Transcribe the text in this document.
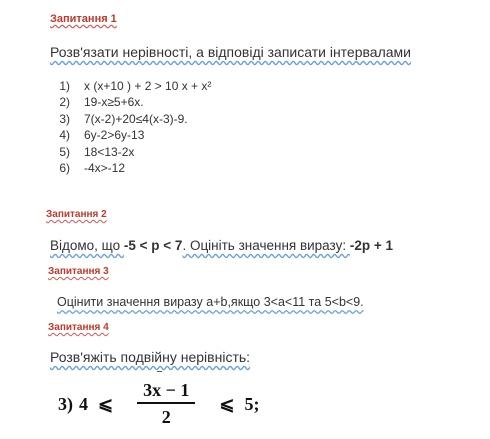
Запитання 1
Розв'язати нерівності, а відповіді записати інтервалами
1) x (x+10 ) + 2 > 10 x + x²
2) 19-x≥5+6x.
3) 7(x-2)+20≤4(x-3)-9.
4) 6y-2>6y-13
5) 18<13-2x
6) -4x>-12
Запитання 2
Відомо, що -5 < p < 7. Оцініть значення виразу: -2p + 1
Запитання 3
Оцінити значення виразу a+b,якщо 3<a<11 та 5<b<9.
Запитання 4
Розв'яжіть подвійну нерівність:
3) 4 ⩽ $\frac{3x - 1}{2}$ ⩽ 5;
